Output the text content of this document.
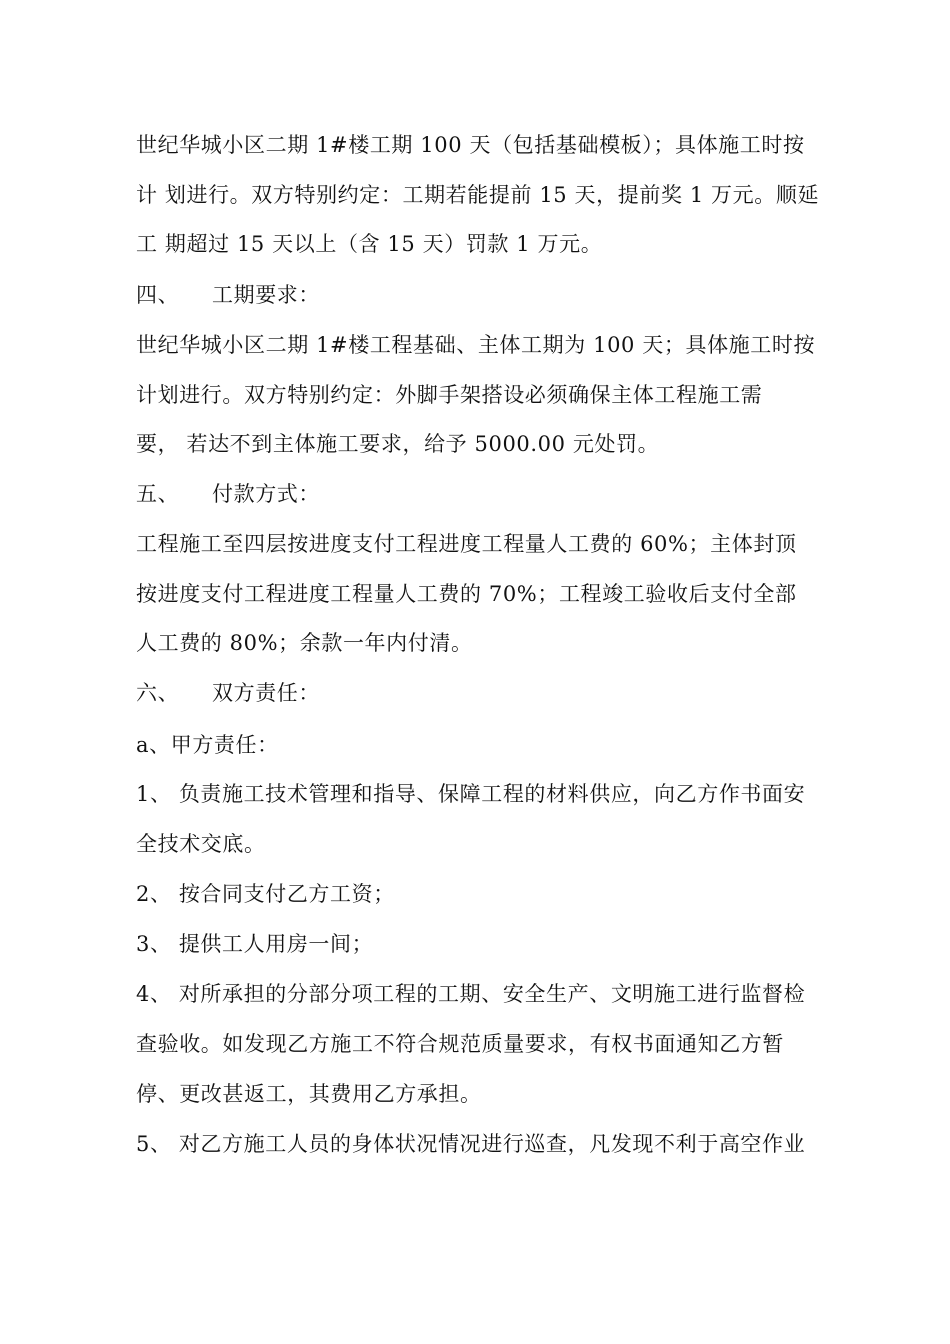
世纪华城小区二期 1#楼工期 100 天（包括基础模板）；具体施工时按
计 划进行。双方特别约定：工期若能提前 15 天，提前奖 1 万元。顺延
工 期超过 15 天以上（含 15 天）罚款 1 万元。
四、 工期要求：
世纪华城小区二期 1#楼工程基础、主体工期为 100 天；具体施工时按
计划进行。双方特别约定：外脚手架搭设必须确保主体工程施工需
要， 若达不到主体施工要求，给予 5000.00 元处罚。
五、 付款方式：
工程施工至四层按进度支付工程进度工程量人工费的 60%；主体封顶
按进度支付工程进度工程量人工费的 70%；工程竣工验收后支付全部
人工费的 80%；余款一年内付清。
六、 双方责任：
a、甲方责任：
1、 负责施工技术管理和指导、保障工程的材料供应，向乙方作书面安
全技术交底。
2、 按合同支付乙方工资；
3、 提供工人用房一间；
4、 对所承担的分部分项工程的工期、安全生产、文明施工进行监督检
查验收。如发现乙方施工不符合规范质量要求，有权书面通知乙方暂
停、更改甚返工，其费用乙方承担。
5、 对乙方施工人员的身体状况情况进行巡查，凡发现不利于高空作业
